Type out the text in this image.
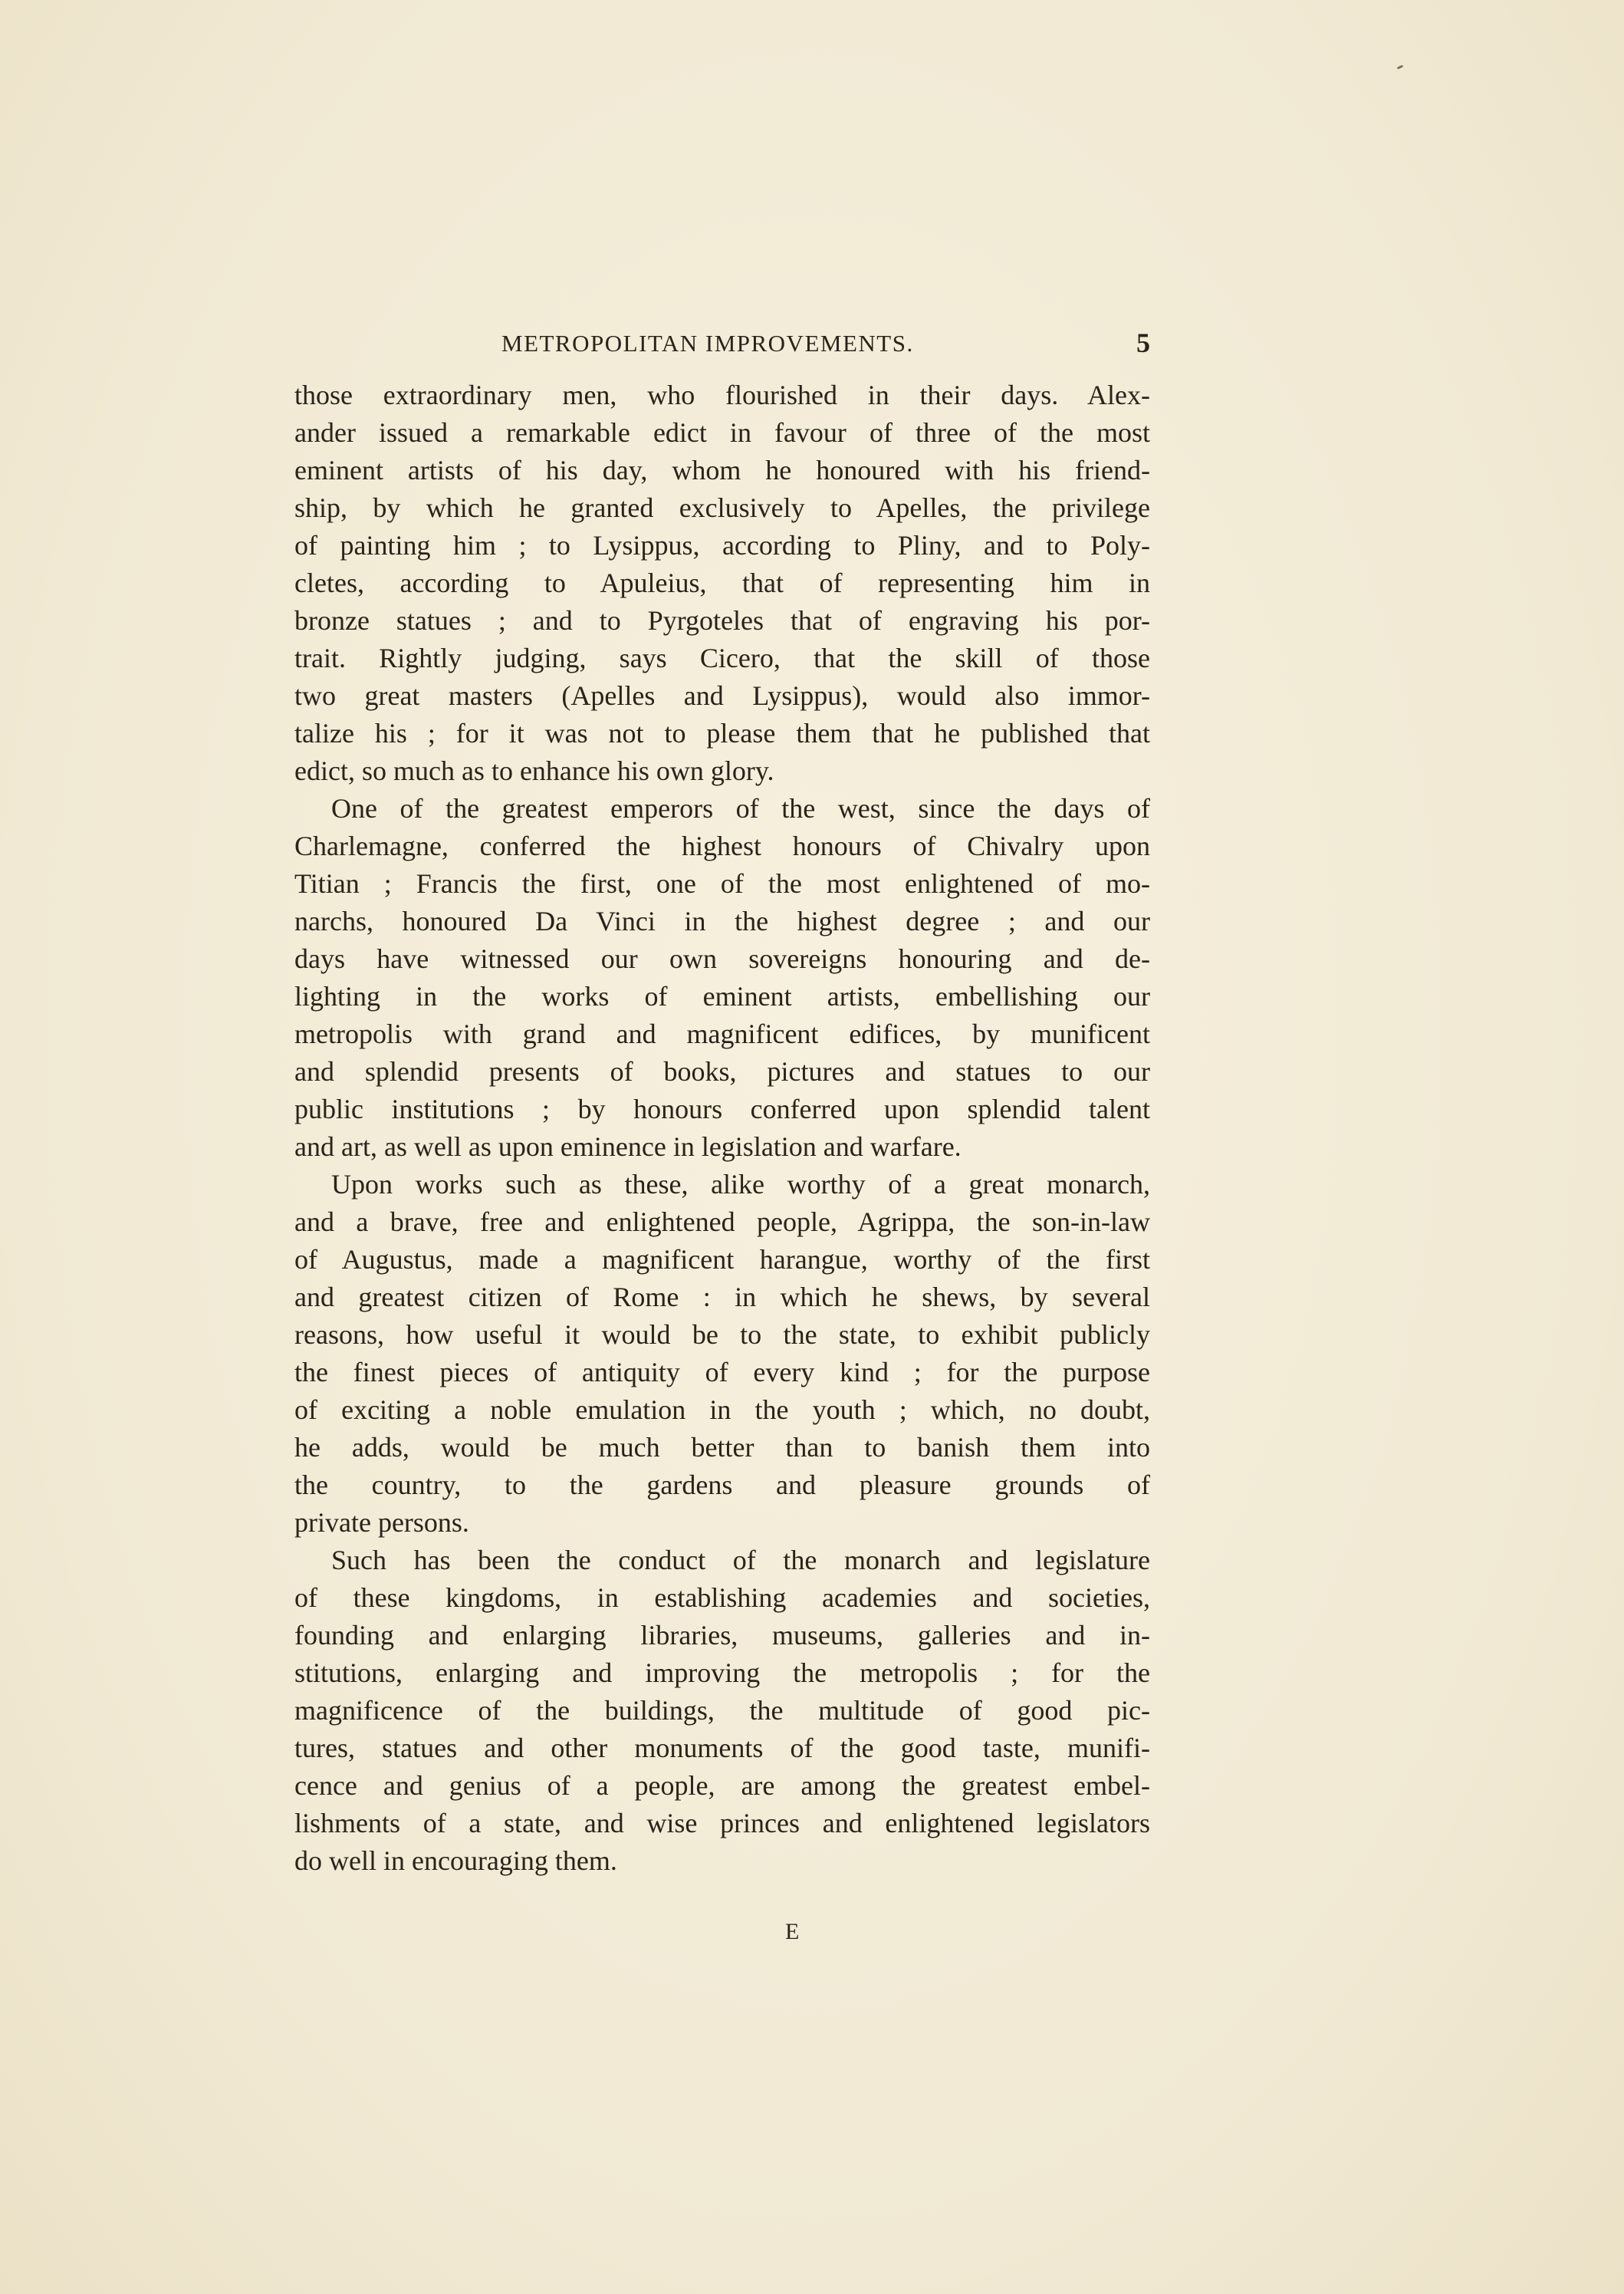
METROPOLITAN IMPROVEMENTS.	5
those extraordinary men, who flourished in their days. Alex-
ander issued a remarkable edict in favour of three of the most
eminent artists of his day, whom he honoured with his friend-
ship, by which he granted exclusively to Apelles, the privilege
of painting him ; to Lysippus, according to Pliny, and to Poly-
cletes, according to Apuleius, that of representing him in
bronze statues ; and to Pyrgoteles that of engraving his por-
trait. Rightly judging, says Cicero, that the skill of those
two great masters (Apelles and Lysippus), would also immor-
talize his ; for it was not to please them that he published that
edict, so much as to enhance his own glory.
One of the greatest emperors of the west, since the days of
Charlemagne, conferred the highest honours of Chivalry upon
Titian ; Francis the first, one of the most enlightened of mo-
narchs, honoured Da Vinci in the highest degree ; and our
days have witnessed our own sovereigns honouring and de-
lighting in the works of eminent artists, embellishing our
metropolis with grand and magnificent edifices, by munificent
and splendid presents of books, pictures and statues to our
public institutions ; by honours conferred upon splendid talent
and art, as well as upon eminence in legislation and warfare.
Upon works such as these, alike worthy of a great monarch,
and a brave, free and enlightened people, Agrippa, the son-in-law
of Augustus, made a magnificent harangue, worthy of the first
and greatest citizen of Rome : in which he shews, by several
reasons, how useful it would be to the state, to exhibit publicly
the finest pieces of antiquity of every kind ; for the purpose
of exciting a noble emulation in the youth ; which, no doubt,
he adds, would be much better than to banish them into
the country, to the gardens and pleasure grounds of
private persons.
Such has been the conduct of the monarch and legislature
of these kingdoms, in establishing academies and societies,
founding and enlarging libraries, museums, galleries and in-
stitutions, enlarging and improving the metropolis ; for the
magnificence of the buildings, the multitude of good pic-
tures, statues and other monuments of the good taste, munifi-
cence and genius of a people, are among the greatest embel-
lishments of a state, and wise princes and enlightened legislators
do well in encouraging them.
E
